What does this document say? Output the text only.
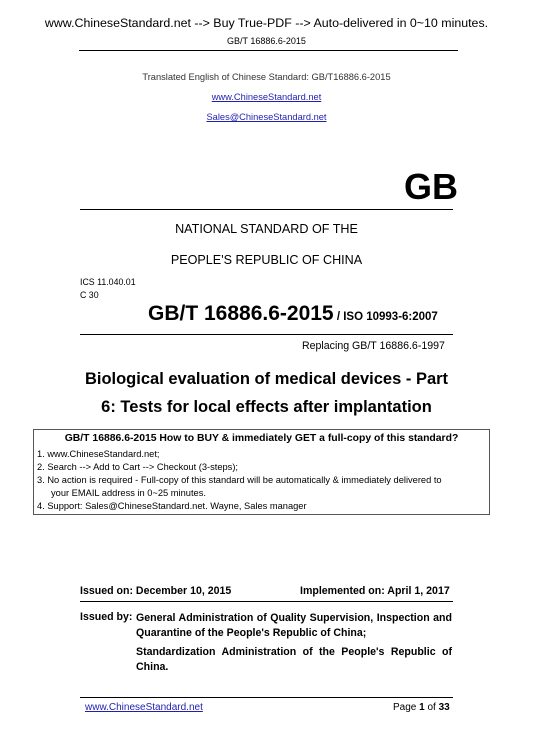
www.ChineseStandard.net --> Buy True-PDF --> Auto-delivered in 0~10 minutes.
GB/T 16886.6-2015
Translated English of Chinese Standard: GB/T16886.6-2015
www.ChineseStandard.net
Sales@ChineseStandard.net
GB
NATIONAL STANDARD OF THE
PEOPLE'S REPUBLIC OF CHINA
ICS 11.040.01
C 30
GB/T 16886.6-2015 / ISO 10993-6:2007
Replacing GB/T 16886.6-1997
Biological evaluation of medical devices - Part
6: Tests for local effects after implantation
GB/T 16886.6-2015 How to BUY & immediately GET a full-copy of this standard?
1. www.ChineseStandard.net;
2. Search --> Add to Cart --> Checkout (3-steps);
3. No action is required - Full-copy of this standard will be automatically & immediately delivered to
your EMAIL address in 0~25 minutes.
4. Support: Sales@ChineseStandard.net. Wayne, Sales manager
Issued on: December 10, 2015	Implemented on: April 1, 2017
Issued by: General Administration of Quality Supervision, Inspection and Quarantine of the People's Republic of China;
Standardization Administration of the People's Republic of China.
www.ChineseStandard.net	Page 1 of 33
